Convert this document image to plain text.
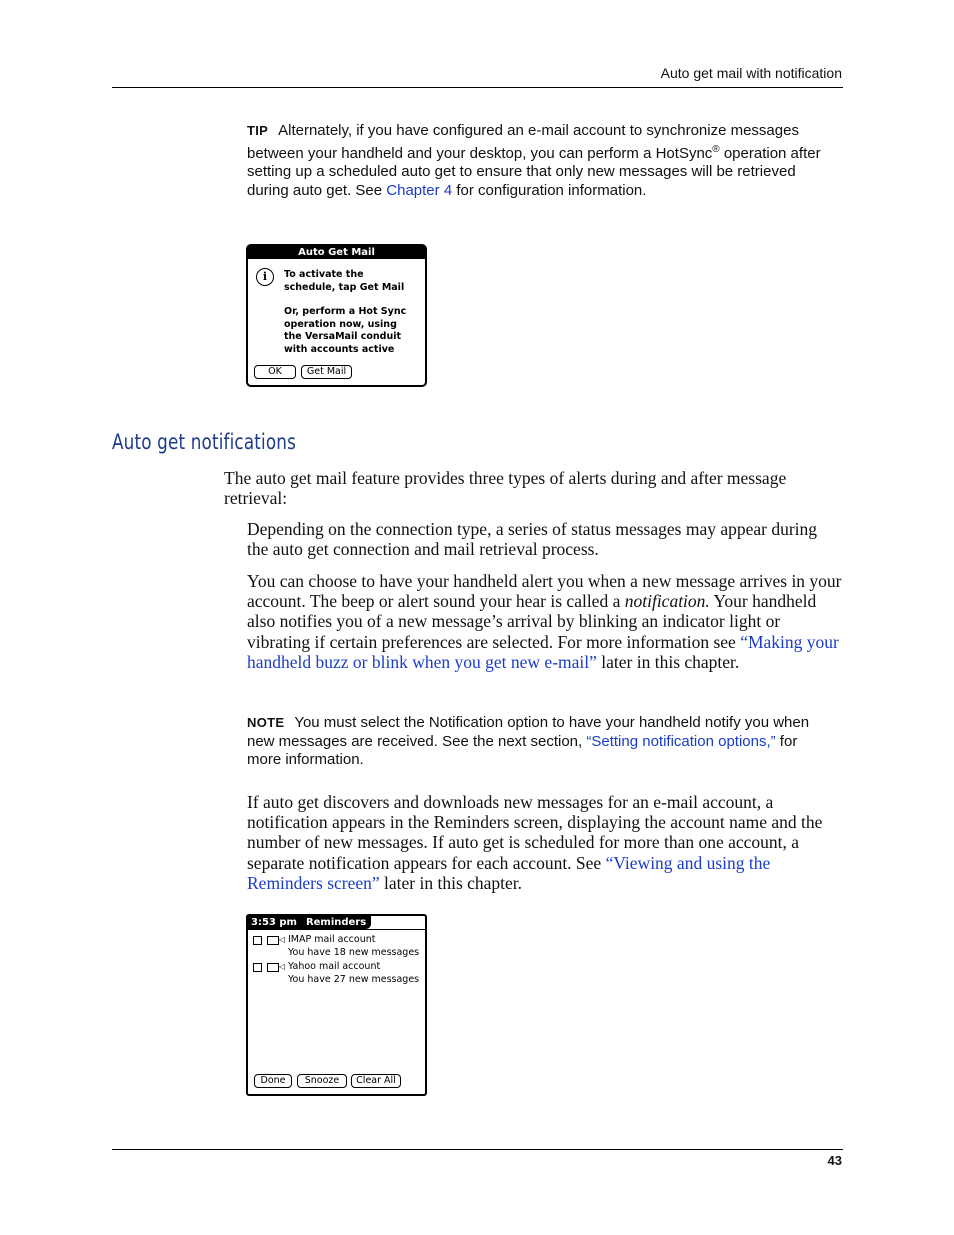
Auto get mail with notification
TIP Alternately, if you have configured an e-mail account to synchronize messages between your handheld and your desktop, you can perform a HotSync® operation after setting up a scheduled auto get to ensure that only new messages will be retrieved during auto get. See Chapter 4 for configuration information.
Auto Get Mail
i	To activate the
schedule, tap Get Mail
Or, perform a Hot Sync
operation now, using
the VersaMail conduit
with accounts active
OK	Get Mail
Auto get notifications
The auto get mail feature provides three types of alerts during and after message retrieval:
Depending on the connection type, a series of status messages may appear during the auto get connection and mail retrieval process.
You can choose to have your handheld alert you when a new message arrives in your account. The beep or alert sound your hear is called a notification. Your handheld also notifies you of a new message’s arrival by blinking an indicator light or vibrating if certain preferences are selected. For more information see “Making your handheld buzz or blink when you get new e-mail” later in this chapter.
NOTE You must select the Notification option to have your handheld notify you when new messages are received. See the next section, “Setting notification options,” for more information.
If auto get discovers and downloads new messages for an e-mail account, a notification appears in the Reminders screen, displaying the account name and the number of new messages. If auto get is scheduled for more than one account, a separate notification appears for each account. See “Viewing and using the Reminders screen” later in this chapter.
3:53 pm Reminders
◁ IMAP mail account
You have 18 new messages
◁ Yahoo mail account
You have 27 new messages
Done	Snooze	Clear All
43
